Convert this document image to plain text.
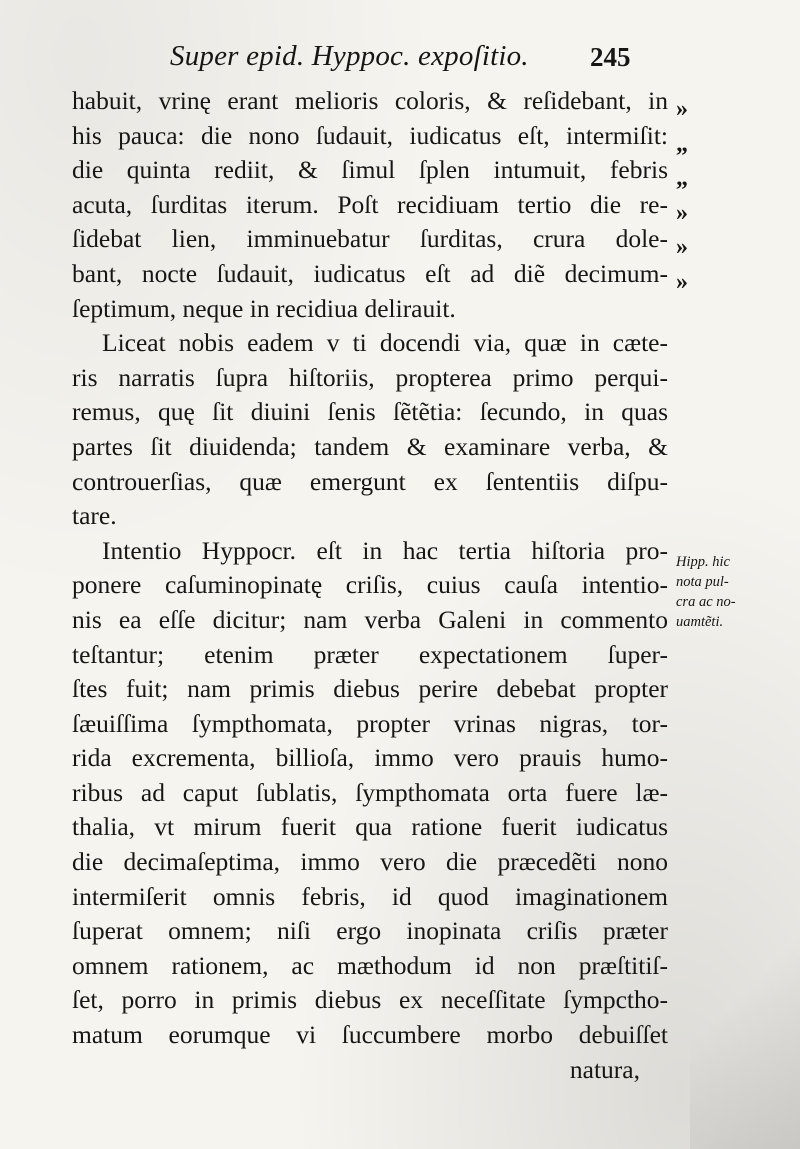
Super epid. Hyppoc. expoſitio. 245
habuit, vrinę erant melioris coloris, & reſidebant, in
his pauca: die nono ſudauit, iudicatus eſt, intermiſit:
die quinta rediit, & ſimul ſplen intumuit, febris
acuta, ſurditas iterum. Poſt recidiuam tertio die re-
ſidebat lien, imminuebatur ſurditas, crura dole-
bant, nocte ſudauit, iudicatus eſt ad diẽ decimum-
ſeptimum, neque in recidiua delirauit.
Liceat nobis eadem v ti docendi via, quæ in cæte-
ris narratis ſupra hiſtoriis, propterea primo perqui-
remus, quę ſit diuini ſenis ſẽtẽtia: ſecundo, in quas
partes ſit diuidenda; tandem & examinare verba, &
controuerſias, quæ emergunt ex ſententiis diſpu-
tare.
Intentio Hyppocr. eſt in hac tertia hiſtoria pro-
ponere caſuminopinatę criſis, cuius cauſa intentio-
nis ea eſſe dicitur; nam verba Galeni in commento
teſtantur; etenim præter expectationem ſuper-
ſtes fuit; nam primis diebus perire debebat propter
ſæuiſſima ſympthomata, propter vrinas nigras, tor-
rida excrementa, billioſa, immo vero prauis humo-
ribus ad caput ſublatis, ſympthomata orta fuere læ-
thalia, vt mirum fuerit qua ratione fuerit iudicatus
die decimaſeptima, immo vero die præcedẽti nono
intermiſerit omnis febris, id quod imaginationem
ſuperat omnem; niſi ergo inopinata criſis præter
omnem rationem, ac mæthodum id non præſtitiſ-
ſet, porro in primis diebus ex neceſſitate ſympctho-
matum eorumque vi ſuccumbere morbo debuiſſet
natura,
»
„
„
»
»
»
Hipp. hic
nota pul-
cra ac no-
uamtẽti.
